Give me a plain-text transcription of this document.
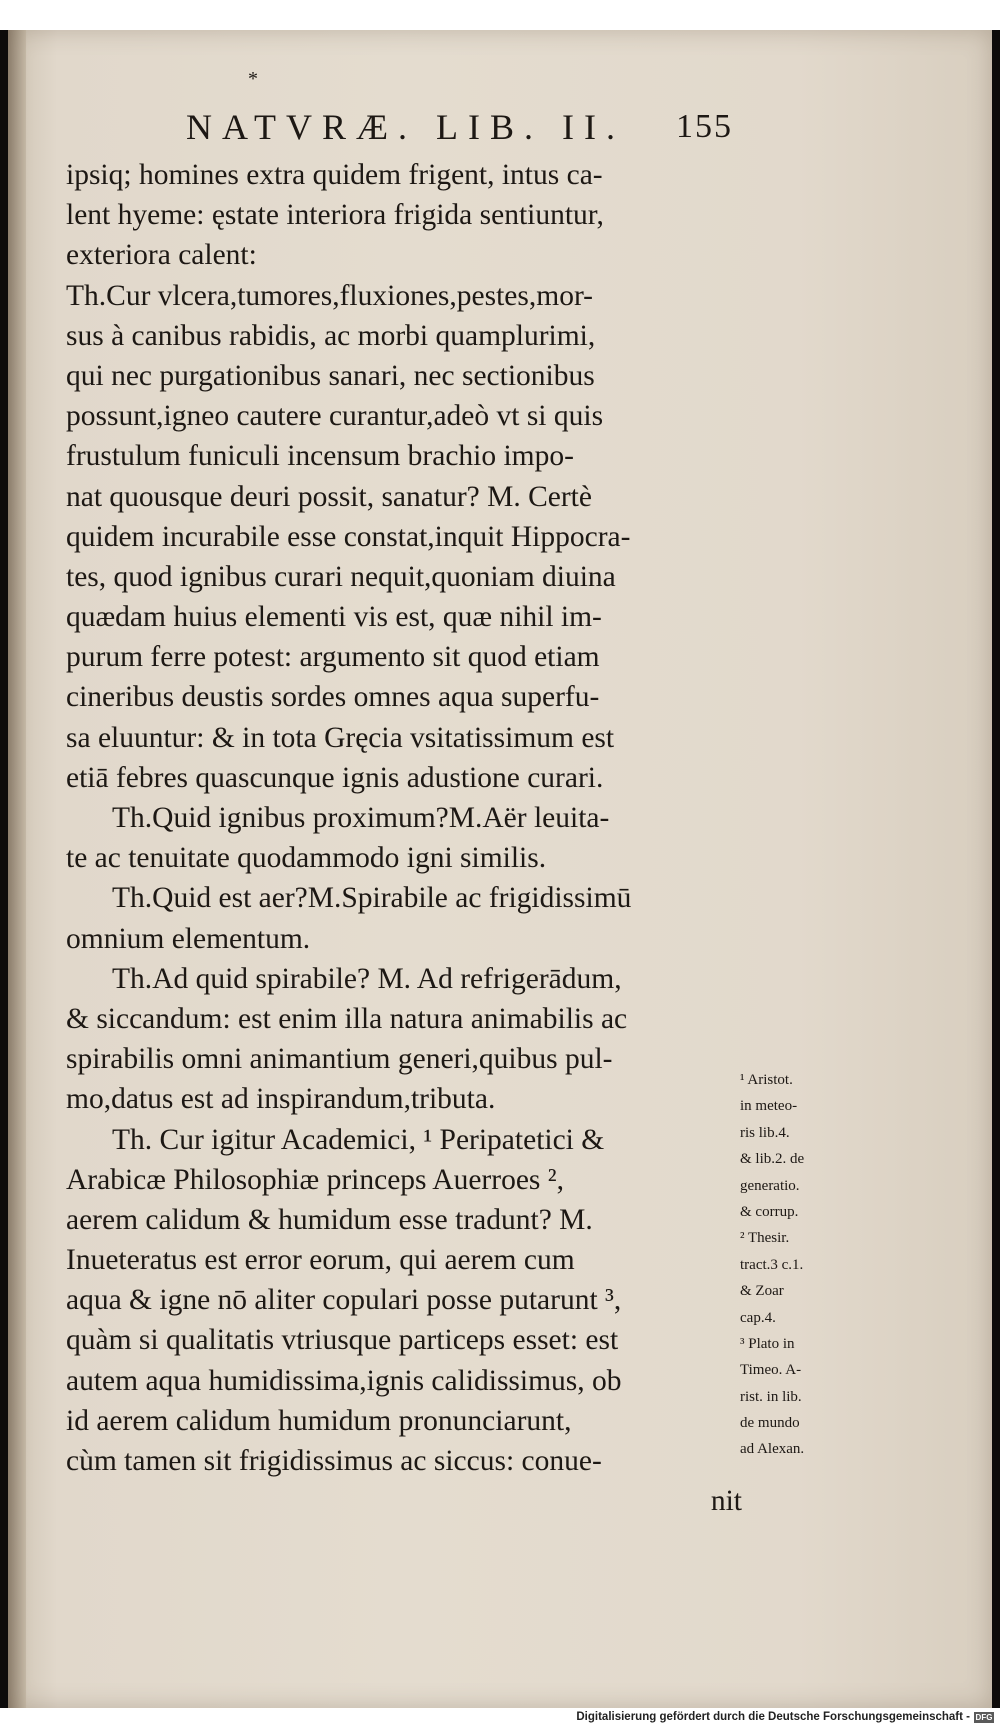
*
NATVRÆ. LIB. II. 155
ipsiq; homines extra quidem frigent, intus ca-
lent hyeme: ęstate interiora frigida sentiuntur,
exteriora calent:
Th.Cur vlcera,tumores,fluxiones,pestes,mor-
sus à canibus rabidis, ac morbi quamplurimi,
qui nec purgationibus sanari, nec sectionibus
possunt,igneo cautere curantur,adeò vt si quis
frustulum funiculi incensum brachio impo-
nat quousque deuri possit, sanatur? M. Certè
quidem incurabile esse constat,inquit Hippocra-
tes, quod ignibus curari nequit,quoniam diuina
quædam huius elementi vis est, quæ nihil im-
purum ferre potest: argumento sit quod etiam
cineribus deustis sordes omnes aqua superfu-
sa eluuntur: & in tota Gręcia vsitatissimum est
etiā febres quascunque ignis adustione curari.
Th.Quid ignibus proximum?M.Aër leuita-
te ac tenuitate quodammodo igni similis.
Th.Quid est aer?M.Spirabile ac frigidissimū
omnium elementum.
Th.Ad quid spirabile? M. Ad refrigerādum,
& siccandum: est enim illa natura animabilis ac
spirabilis omni animantium generi,quibus pul-
mo,datus est ad inspirandum,tributa.
Th. Cur igitur Academici, ¹ Peripatetici &
Arabicæ Philosophiæ princeps Auerroes ²,
aerem calidum & humidum esse tradunt? M.
Inueteratus est error eorum, qui aerem cum
aqua & igne nō aliter copulari posse putarunt ³,
quàm si qualitatis vtriusque particeps esset: est
autem aqua humidissima,ignis calidissimus, ob
id aerem calidum humidum pronunciarunt,
cùm tamen sit frigidissimus ac siccus: conue-
nit
¹ Aristot.
in meteo-
ris lib.4.
& lib.2. de
generatio.
& corrup.
² Thesir.
tract.3 c.1.
& Zoar
cap.4.
³ Plato in
Timeo. A-
rist. in lib.
de mundo
ad Alexan.
Digitalisierung gefördert durch die Deutsche Forschungsgemeinschaft - DFG
